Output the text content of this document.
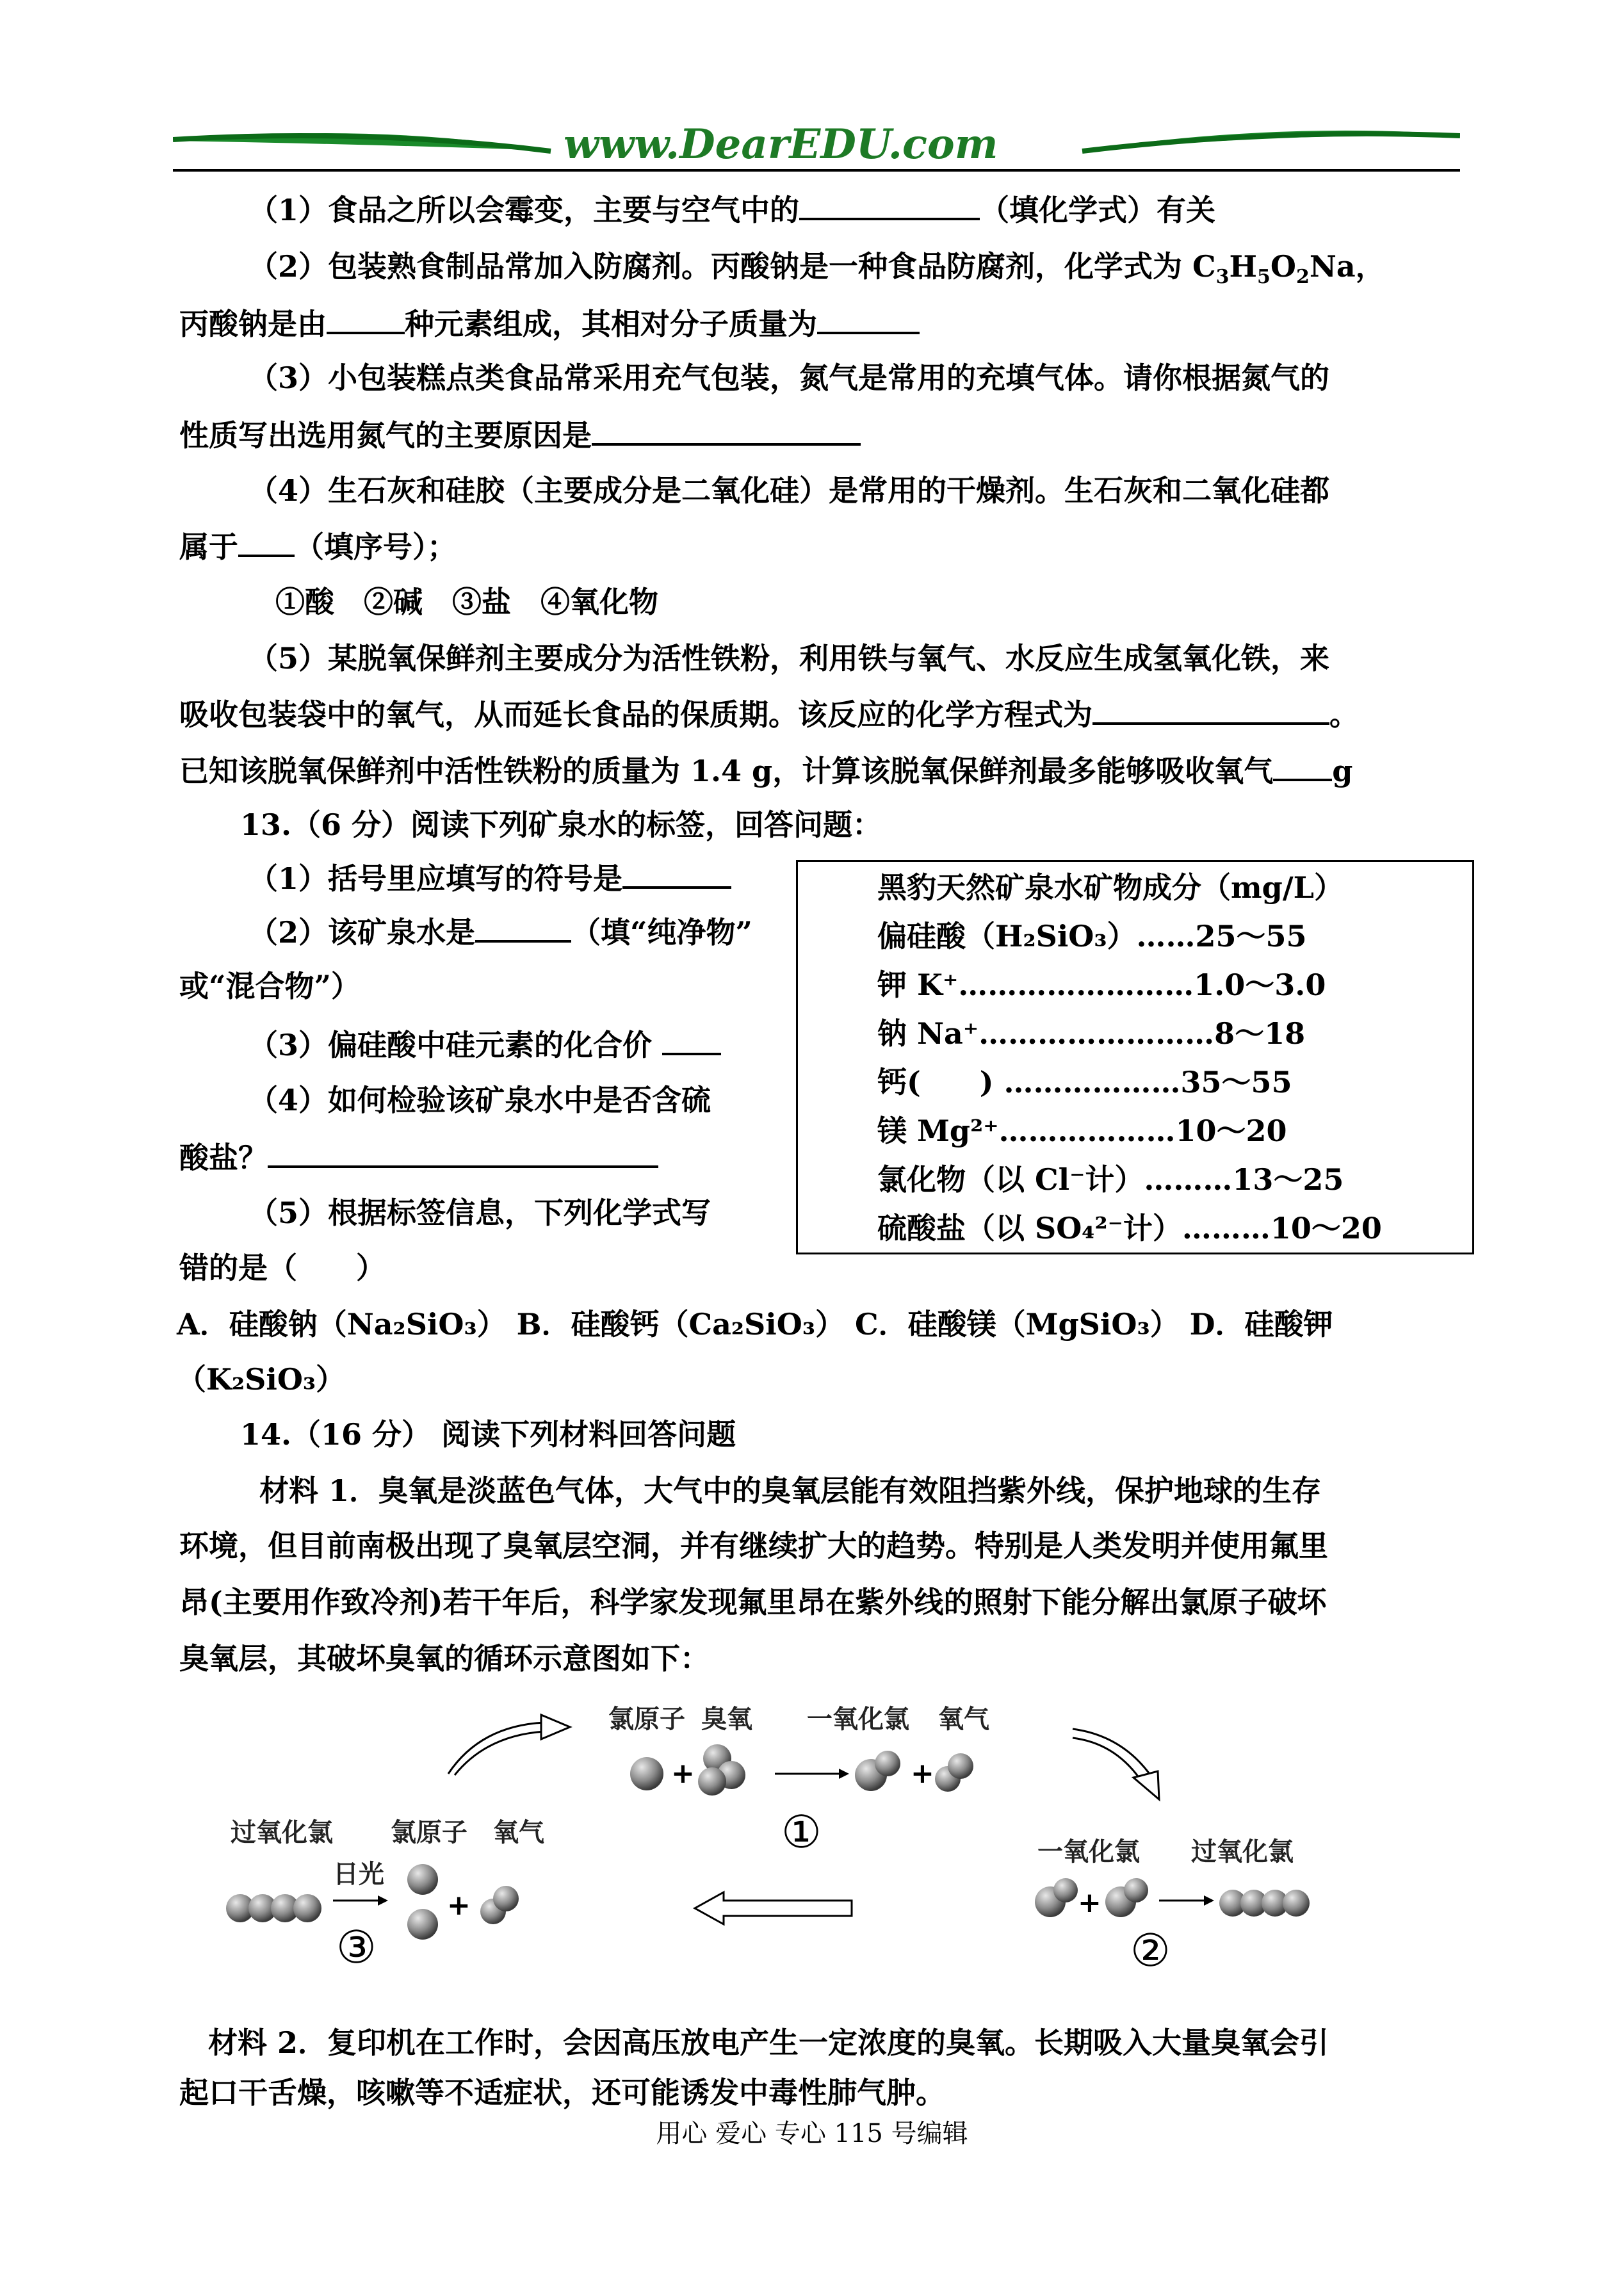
www.DearEDU.com
（1）食品之所以会霉变，主要与空气中的	（填化学式）有关
（2）包装熟食制品常加入防腐剂。丙酸钠是一种食品防腐剂，化学式为 $C_3H_5O_2Na$，
丙酸钠是由	种元素组成，其相对分子质量为
（3）小包装糕点类食品常采用充气包装，氮气是常用的充填气体。请你根据氮气的
性质写出选用氮气的主要原因是
（4）生石灰和硅胶（主要成分是二氧化硅）是常用的干燥剂。生石灰和二氧化硅都
属于 （填序号）；
①酸　②碱　③盐　④氧化物
（5）某脱氧保鲜剂主要成分为活性铁粉，利用铁与氧气、水反应生成氢氧化铁，来
吸收包装袋中的氧气，从而延长食品的保质期。该反应的化学方程式为	。
已知该脱氧保鲜剂中活性铁粉的质量为 1.4 g，计算该脱氧保鲜剂最多能够吸收氧气 g
13.（6 分）阅读下列矿泉水的标签，回答问题：
（1）括号里应填写的符号是
（2）该矿泉水是	（填“纯净物”
或“混合物”）
（3）偏硅酸中硅元素的化合价
（4）如何检验该矿泉水中是否含硫
酸盐？
（5）根据标签信息，下列化学式写
错的是（　　）
黑豹天然矿泉水矿物成分（mg/L）
偏硅酸（H₂SiO₃）……25～55
钾 K⁺……………………1.0～3.0
钠 Na⁺……………………8～18
钙(　　) ………………35～55
镁 Mg²⁺………………10～20
氯化物（以 Cl⁻计）………13～25
硫酸盐（以 SO₄²⁻计）………10～20
A．硅酸钠（Na₂SiO₃） B．硅酸钙（Ca₂SiO₃） C．硅酸镁（MgSiO₃） D．硅酸钾
（K₂SiO₃）
14.（16 分） 阅读下列材料回答问题
材料 1．臭氧是淡蓝色气体，大气中的臭氧层能有效阻挡紫外线，保护地球的生存
环境，但目前南极出现了臭氧层空洞，并有继续扩大的趋势。特别是人类发明并使用氟里
昂(主要用作致冷剂)若干年后，科学家发现氟里昂在紫外线的照射下能分解出氯原子破坏
臭氧层，其破坏臭氧的循环示意图如下：
氯原子 臭氧 一氧化氯 氧气
+	+
①
过氧化氯 氯原子 氧气
日光
+
③
一氧化氯 过氧化氯
+
②
材料 2．复印机在工作时，会因高压放电产生一定浓度的臭氧。长期吸入大量臭氧会引
起口干舌燥，咳嗽等不适症状，还可能诱发中毒性肺气肿。
用心 爱心 专心 115 号编辑
